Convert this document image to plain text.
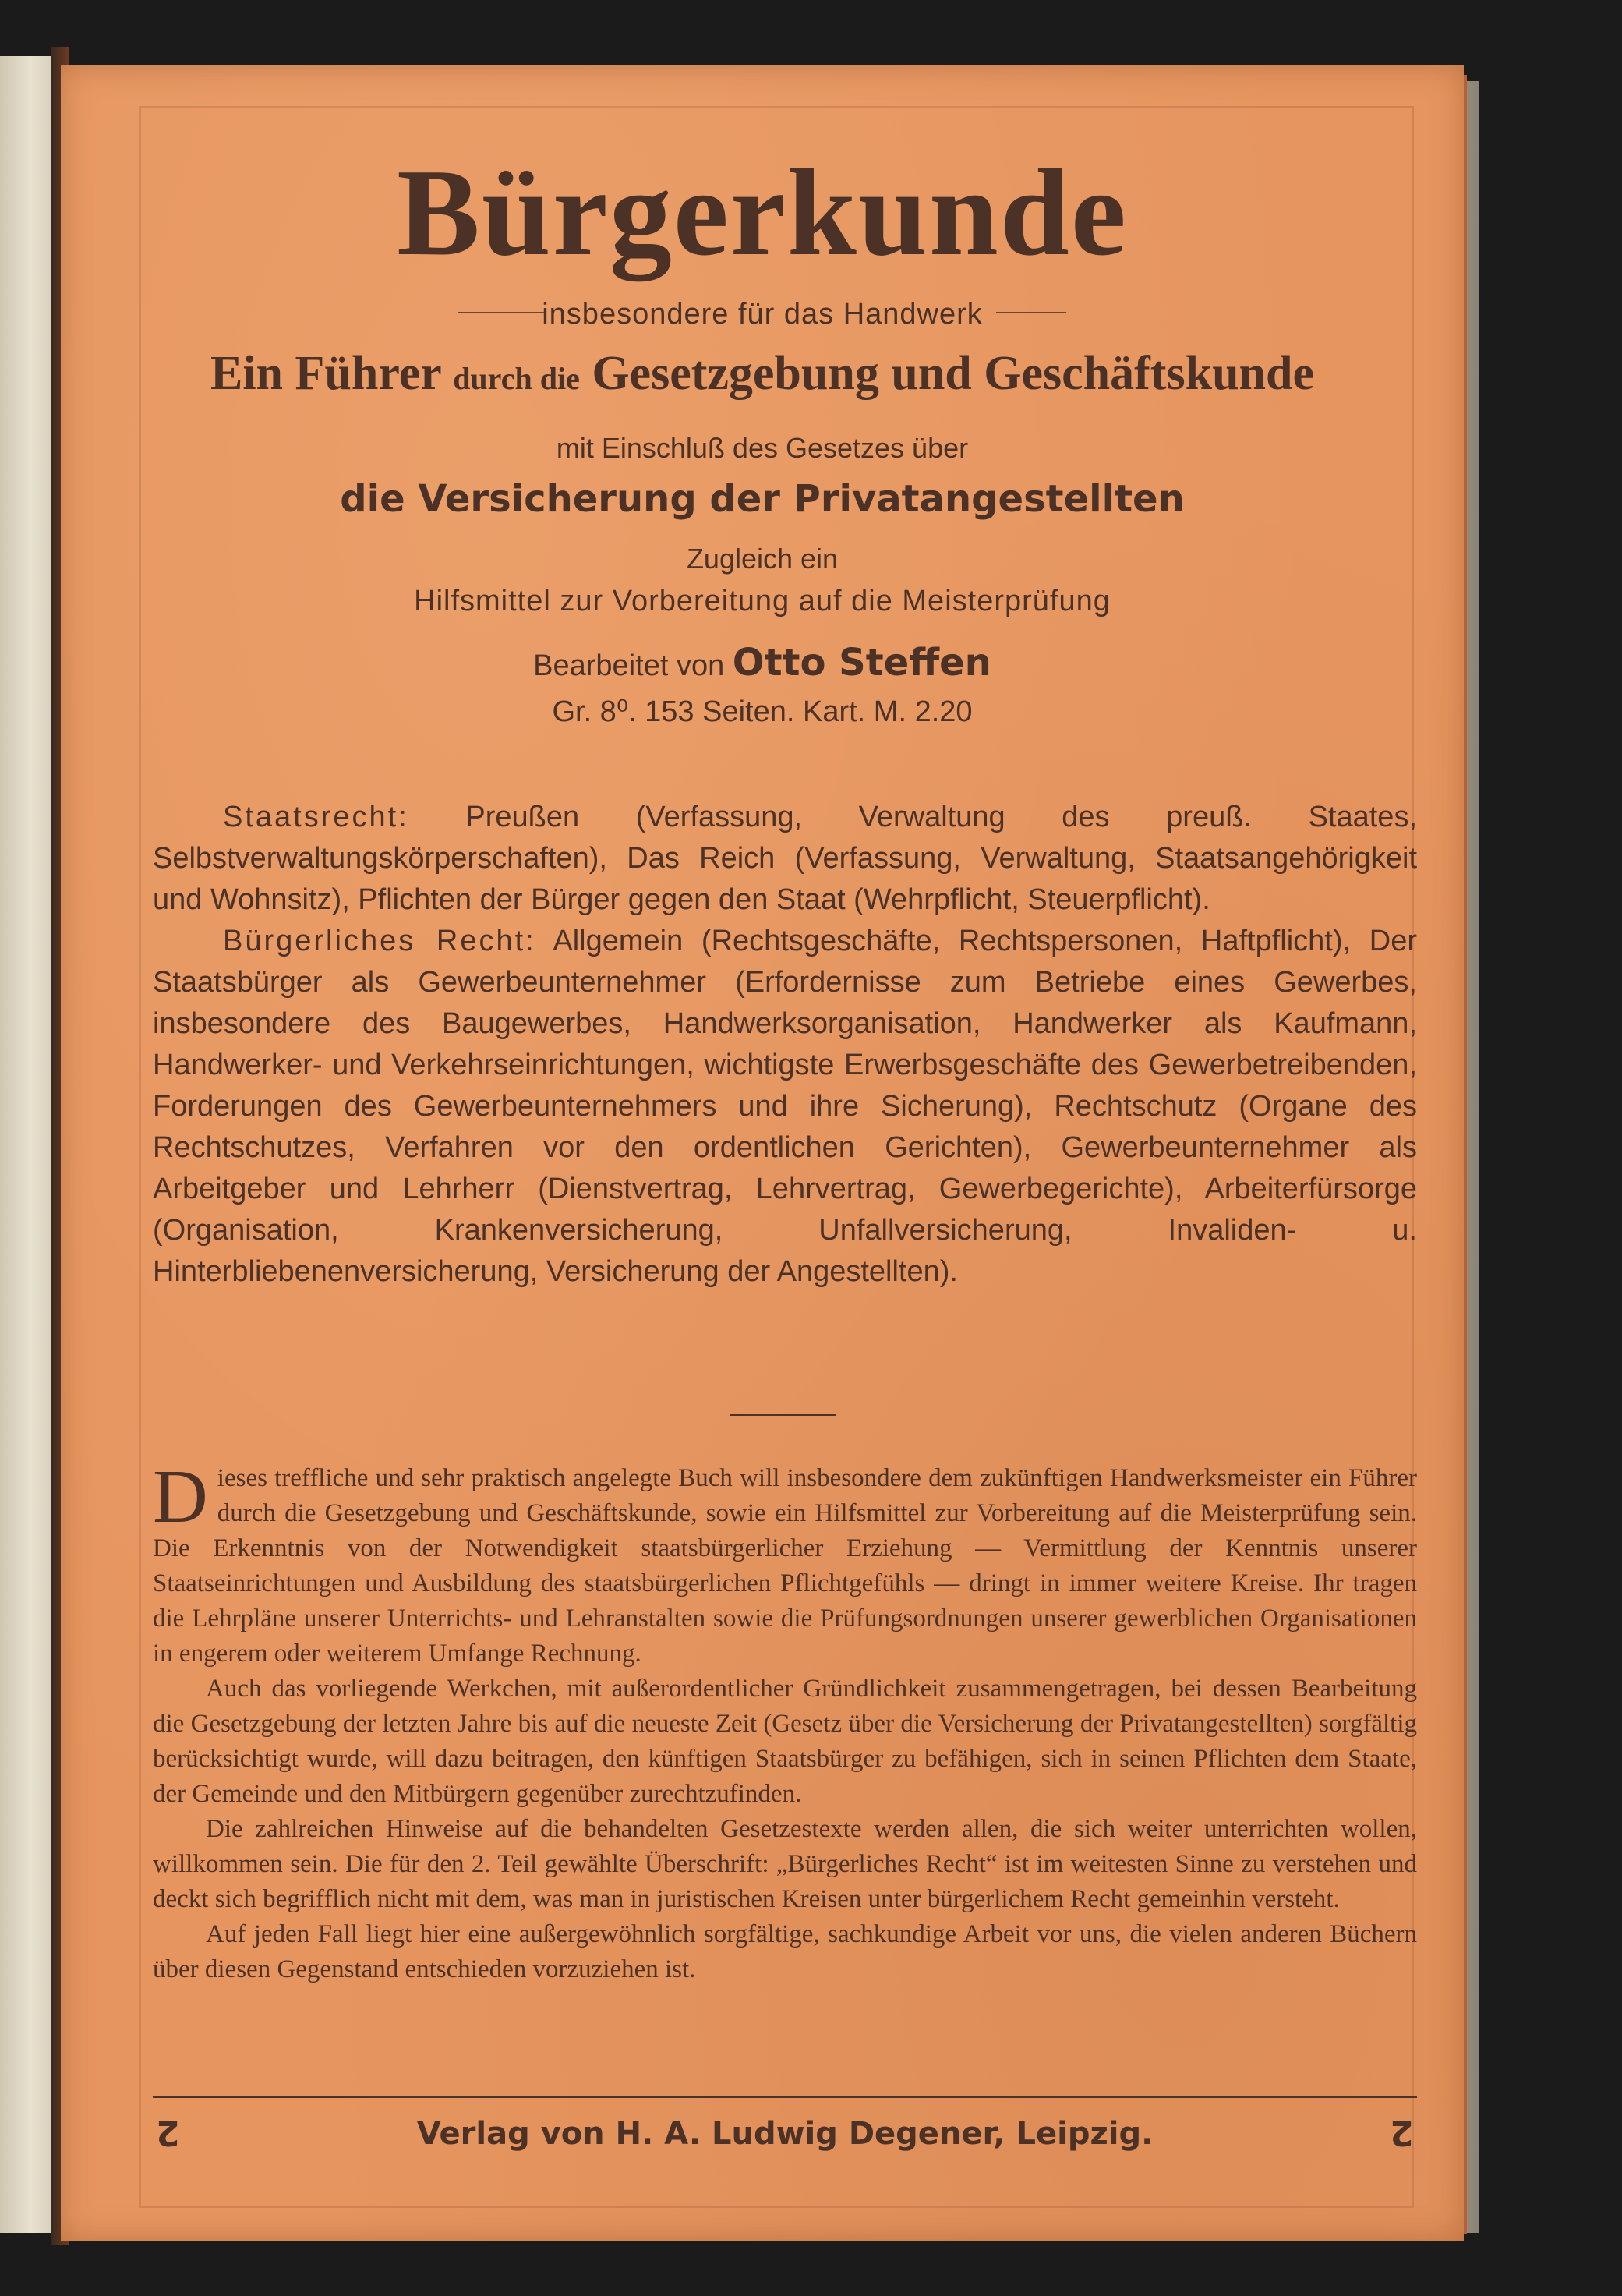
Bürgerkunde
insbesondere für das Handwerk
Ein Führer durch die Gesetzgebung und Geschäftskunde
mit Einschluß des Gesetzes über
die Versicherung der Privatangestellten
Zugleich ein
Hilfsmittel zur Vorbereitung auf die Meisterprüfung
Bearbeitet von Otto Steffen
Gr. 8⁰. 153 Seiten. Kart. M. 2.20

Staatsrecht: Preußen (Verfassung, Verwaltung des preuß. Staates, Selbstverwaltungskörperschaften), Das Reich (Verfassung, Verwaltung, Staatsangehörigkeit und Wohnsitz), Pflichten der Bürger gegen den Staat (Wehrpflicht, Steuerpflicht).

Bürgerliches Recht: Allgemein (Rechtsgeschäfte, Rechtspersonen, Haftpflicht), Der Staatsbürger als Gewerbeunternehmer (Erfordernisse zum Betriebe eines Gewerbes, insbesondere des Baugewerbes, Handwerksorganisation, Handwerker als Kaufmann, Handwerker- und Verkehrseinrichtungen, wichtigste Erwerbsgeschäfte des Gewerbetreibenden, Forderungen des Gewerbeunternehmers und ihre Sicherung), Rechtschutz (Organe des Rechtschutzes, Verfahren vor den ordentlichen Gerichten), Gewerbeunternehmer als Arbeitgeber und Lehrherr (Dienstvertrag, Lehrvertrag, Gewerbegerichte), Arbeiterfürsorge (Organisation, Krankenversicherung, Unfallversicherung, Invaliden- u. Hinterbliebenenversicherung, Versicherung der Angestellten).

D ieses treffliche und sehr praktisch angelegte Buch will insbesondere dem zukünftigen Handwerksmeister ein Führer durch die Gesetzgebung und Geschäftskunde, sowie ein Hilfsmittel zur Vorbereitung auf die Meisterprüfung sein. Die Erkenntnis von der Notwendigkeit staatsbürgerlicher Erziehung — Vermittlung der Kenntnis unserer Staatseinrichtungen und Ausbildung des staatsbürgerlichen Pflichtgefühls — dringt in immer weitere Kreise. Ihr tragen die Lehrpläne unserer Unterrichts- und Lehranstalten sowie die Prüfungsordnungen unserer gewerblichen Organisationen in engerem oder weiterem Umfange Rechnung.

Auch das vorliegende Werkchen, mit außerordentlicher Gründlichkeit zusammengetragen, bei dessen Bearbeitung die Gesetzgebung der letzten Jahre bis auf die neueste Zeit (Gesetz über die Versicherung der Privatangestellten) sorgfältig berücksichtigt wurde, will dazu beitragen, den künftigen Staatsbürger zu befähigen, sich in seinen Pflichten dem Staate, der Gemeinde und den Mitbürgern gegenüber zurechtzufinden.

Die zahlreichen Hinweise auf die behandelten Gesetzestexte werden allen, die sich weiter unterrichten wollen, willkommen sein. Die für den 2. Teil gewählte Überschrift: „Bürgerliches Recht“ ist im weitesten Sinne zu verstehen und deckt sich begrifflich nicht mit dem, was man in juristischen Kreisen unter bürgerlichem Recht gemeinhin versteht.

Auf jeden Fall liegt hier eine außergewöhnlich sorgfältige, sachkundige Arbeit vor uns, die vielen anderen Büchern über diesen Gegenstand entschieden vorzuziehen ist.

2	Verlag von H. A. Ludwig Degener, Leipzig.	2
